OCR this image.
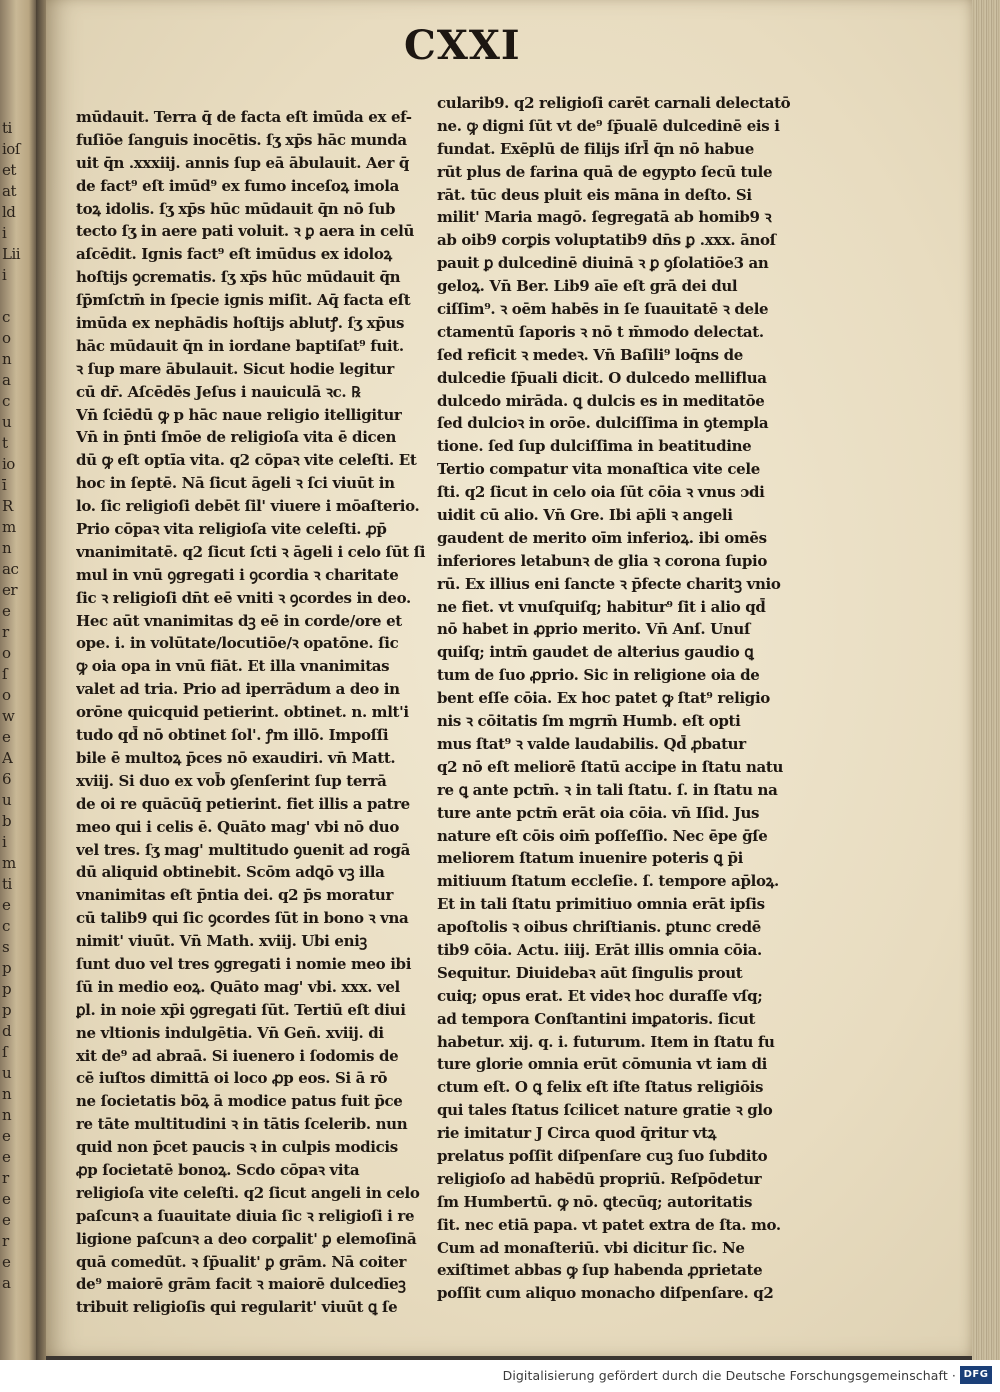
ti
ioſ
et
at
ld
i
Lii
i
c
o
n
a
c
u
t
io
ī
R
m
n
ac
er
e
r
o
ſ
o
w
e
A
6
u
b
i
m
ti
e
c
s
p
p
p
d
ſ
u
n
n
e
e
r
e
e
r
e
a
CXXI
mūdauit. Terra q̄ de facta eſt imūda ex ef-
fuſiōe ſanguis inocētis. ſʒ xp̄s hāc munda
uit q̄n .xxxiij. annis ſup eā ābulauit. Aer q̄
de fact⁹ eſt imūd⁹ ex fumo inceſoꝝ imola
toꝝ idolis. ſʒ xp̄s hūc mūdauit q̄n nō ſub
tecto ſʒ in aere pati voluit. ꝛ ꝑ aera in celū
aſcēdit. Ignis fact⁹ eſt imūdus ex idoloꝝ
hoſtijs ꝯcrematis. ſʒ xp̄s hūc mūdauit q̄n
ſp̄mſctm̄ in ſpecie ignis miſit. Aq̄ facta eſt
imūda ex nephādis hoſtijs ablutꝭ. ſʒ xp̄us
hāc mūdauit q̄n in iordane baptiſat⁹ fuit.
ꝛ ſup mare ābulauit. Sicut hodie legitur
cū dr̄. Aſcēdēs Jeſus i nauiculā ꝛc. ℞
Vn̄ ſciēdū ꝙ p hāc naue religio itelligitur
Vn̄ in p̄nti ſmōe de religioſa vita ē dicen
dū ꝙ eſt optīa vita. q2 cōpaꝛ vite celeſti. Et
hoc in ſeptē. Nā ſicut āgeli ꝛ ſci viuūt in
lo. ſic religioſi debēt ſil' viuere i mōaſterio.
Prio cōpaꝛ vita religioſa vite celeſti. ꝓp̄
vnanimitatē. q2 ſicut ſcti ꝛ āgeli i celo ſūt ſi
mul in vnū ꝯgregati i ꝯcordia ꝛ charitate
ſic ꝛ religioſi dn̄t eē vniti ꝛ ꝯcordes in deo.
Hec aūt vnanimitas dꝫ eē in corde/ore et
ope. i. in volūtate/locutiōe/ꝛ opatōne. ſic
ꝙ oia opa in vnū fiāt. Et illa vnanimitas
valet ad tria. Prio ad iperrādum a deo in
orōne quicquid petierint. obtinet. n. mlt'i
tudo qd̄ nō obtinet ſol'. ꝭm illō. Impoſſi
bile ē multoꝝ p̄ces nō exaudiri. vn̄ Matt.
xviij. Si duo ex vob̄ ꝯſenſerint ſup terrā
de oi re quācūq̄ petierint. fiet illis a patre
meo qui i celis ē. Quāto mag' vbi nō duo
vel tres. ſʒ mag' multitudo ꝯuenit ad rogā
dū aliquid obtinebit. Scōm adꝗō vꝫ illa
vnanimitas eſt p̄ntia dei. q2 p̄s moratur
cū talib9 qui ſic ꝯcordes ſūt in bono ꝛ vna
nimit' viuūt. Vn̄ Math. xviij. Ubi eniꝫ
ſunt duo vel tres ꝯgregati i nomie meo ibi
ſū in medio eoꝝ. Quāto mag' vbi. xxx. vel
ꝑl. in noie xp̄i ꝯgregati ſūt. Tertiū eſt diui
ne vltionis indulgētia. Vn̄ Gen̄. xviij. di
xit de⁹ ad abraā. Si iuenero i ſodomis de
cē iuſtos dimittā oi loco ꝓp eos. Si ā rō
ne ſocietatis bōꝝ ā modice patus fuit p̄ce
re tāte multitudini ꝛ in tātis ſcelerib. nun
quid non p̄cet paucis ꝛ in culpis modicis
ꝓp ſocietatē bonoꝝ. Scdo cōpaꝛ vita
religioſa vite celeſti. q2 ſicut angeli in celo
paſcunꝛ a ſuauitate diuia ſic ꝛ religioſi i re
ligione paſcunꝛ a deo corꝑalit' ꝑ elemoſinā
quā comedūt. ꝛ ſp̄ualit' ꝑ grām. Nā coiter
de⁹ maiorē grām facit ꝛ maiorē dulcedīeꝫ
tribuit religioſis qui regularit' viuūt ꝗ ſe
cularib9. q2 religioſi carēt carnali delectatō
ne. ꝙ digni ſūt vt de⁹ ſp̄ualē dulcedinē eis i
fundat. Exēplū de filijs iſrl̄ q̄n nō habue
rūt plus de farina quā de egypto ſecū tule
rāt. tūc deus pluit eis māna in deſto. Si
milit' Maria magō. ſegregatā ab homib9 ꝛ
ab oib9 corꝑis voluptatib9 dn̄s ꝑ .xxx. ānoſ
pauit ꝑ dulcedinē diuinā ꝛ ꝑ ꝯſolatiōe3 an
geloꝝ. Vn̄ Ber. Lib9 aīe eſt grā dei dul
ciſſim⁹. ꝛ oēm habēs in ſe ſuauitatē ꝛ dele
ctamentū ſaporis ꝛ nō t m̄modo delectat.
ſed reficit ꝛ medeꝛ. Vn̄ Baſili⁹ loq̄ns de
dulcedie ſp̄uali dicit. O dulcedo melliflua
dulcedo mirāda. ꝗ dulcis es in meditatōe
ſed dulcioꝛ in orōe. dulciſſima in ꝯtempla
tione. ſed ſup dulciſſima in beatitudine
Tertio compatur vita monaſtica vite cele
ſti. q2 ſicut in celo oia ſūt cōia ꝛ vnus ɔdi
uidit cū alio. Vn̄ Gre. Ibi ap̄li ꝛ angeli
gaudent de merito oīm inferioꝝ. ibi omēs
inferiores letabunꝛ de glia ꝛ corona ſupio
rū. Ex illius eni ſancte ꝛ p̄fecte charitꝫ vnio
ne fiet. vt vnuſquiſq; habitur⁹ ſit i alio qd̄
nō habet in ꝓprio merito. Vn̄ Anſ. Unuſ
quiſq; intm̄ gaudet de alterius gaudio ꝗ
tum de ſuo ꝓprio. Sic in religione oia de
bent eſſe cōia. Ex hoc patet ꝙ ſtat⁹ religio
nis ꝛ cōitatis ſm mgrm̄ Humb. eſt opti
mus ſtat⁹ ꝛ valde laudabilis. Qd̄ ꝓbatur
q2 nō eſt meliorē ſtatū accipe in ſtatu natu
re ꝗ ante pctm̄. ꝛ in tali ſtatu. ſ. in ſtatu na
ture ante pctm̄ erāt oia cōia. vn̄ Iſid. Jus
nature eſt cōis oim̄ poſſeſſio. Nec ēpe ḡſe
meliorem ſtatum inuenire poteris ꝗ p̄i
mitiuum ſtatum eccleſie. ſ. tempore ap̄loꝝ.
Et in tali ſtatu primitiuo omnia erāt ipſis
apoſtolis ꝛ oibus chriſtianis. ꝑtunc credē
tib9 cōia. Actu. iiij. Erāt illis omnia cōia.
Sequitur. Diuidebaꝛ aūt ſingulis prout
cuiq; opus erat. Et videꝛ hoc duraſſe vſq;
ad tempora Conſtantini imꝑatoris. ſicut
habetur. xij. q. i. futurum. Item in ſtatu fu
ture glorie omnia erūt cōmunia vt iam di
ctum eſt. O ꝗ felix eſt iſte ſtatus religiōis
qui tales ſtatus ſcilicet nature gratie ꝛ glo
rie imitatur J Circa quod q̄ritur vtꝝ
prelatus poſſit diſpenſare cuꝫ ſuo ſubdito
religioſo ad habēdū propriū. Reſpōdetur
ſm Humbertū. ꝙ nō. ꝗtecūq; autoritatis
ſit. nec etiā papa. vt patet extra de ſta. mo.
Cum ad monaſteriū. vbi dicitur ſic. Ne
exiſtimet abbas ꝙ ſup habenda ꝓprietate
poſſit cum aliquo monacho diſpenſare. q2
Digitalisierung gefördert durch die Deutsche Forschungsgemeinschaft · DFG
